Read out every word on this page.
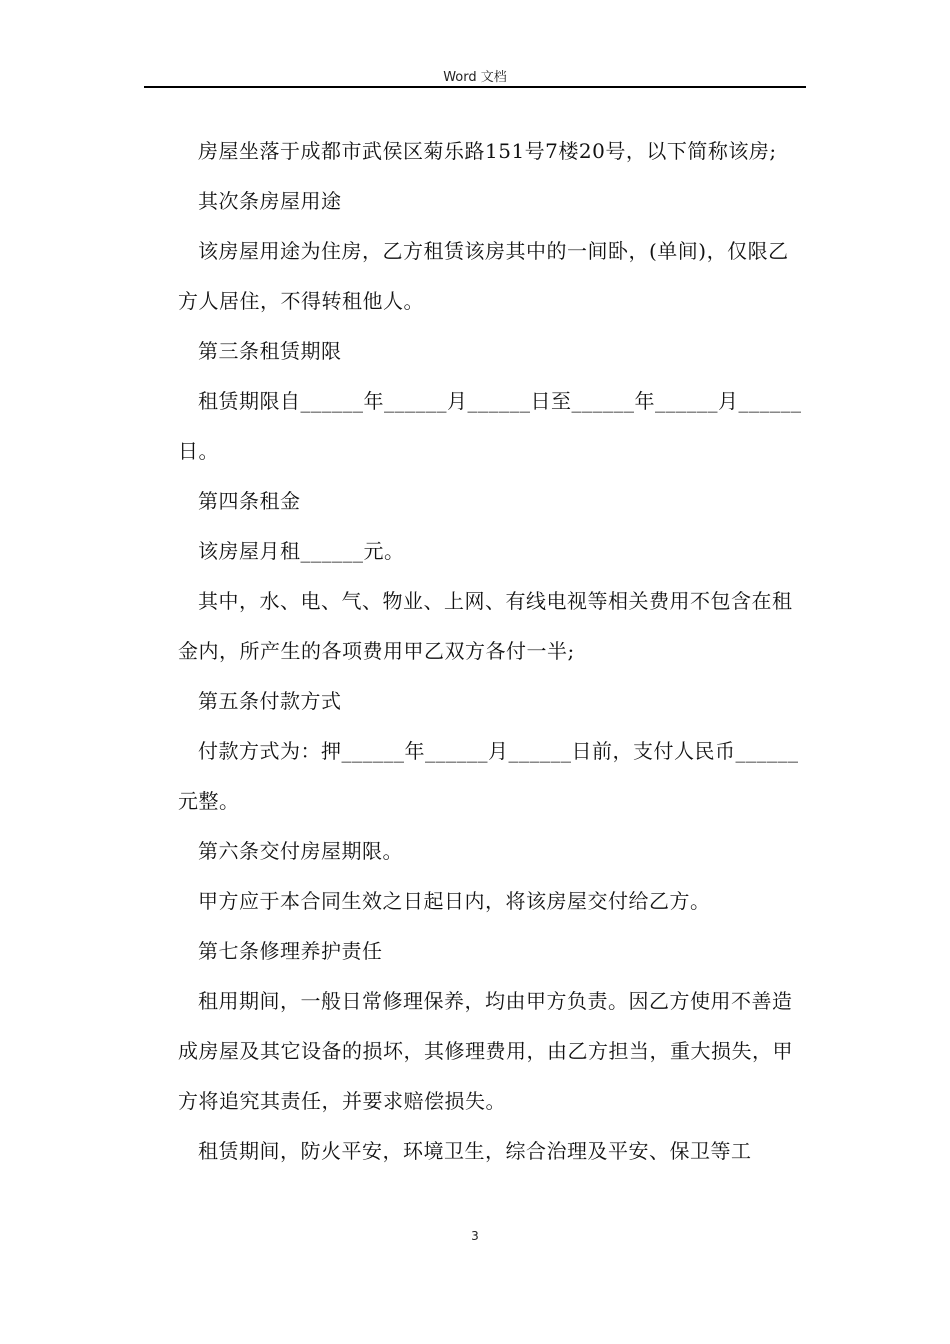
Word 文档

房屋坐落于成都市武侯区菊乐路151号7楼20号，以下简称该房;

其次条房屋用途

该房屋用途为住房，乙方租赁该房其中的一间卧，(单间)，仅限乙方人居住，不得转租他人。

第三条租赁期限

租赁期限自______年______月______日至______年______月______日。

第四条租金

该房屋月租______元。

其中，水、电、气、物业、上网、有线电视等相关费用不包含在租金内，所产生的各项费用甲乙双方各付一半;

第五条付款方式

付款方式为：押______年______月______日前，支付人民币______元整。

第六条交付房屋期限。

甲方应于本合同生效之日起日内，将该房屋交付给乙方。

第七条修理养护责任

租用期间，一般日常修理保养，均由甲方负责。因乙方使用不善造成房屋及其它设备的损坏，其修理费用，由乙方担当，重大损失，甲方将追究其责任，并要求赔偿损失。

租赁期间，防火平安，环境卫生，综合治理及平安、保卫等工

3
